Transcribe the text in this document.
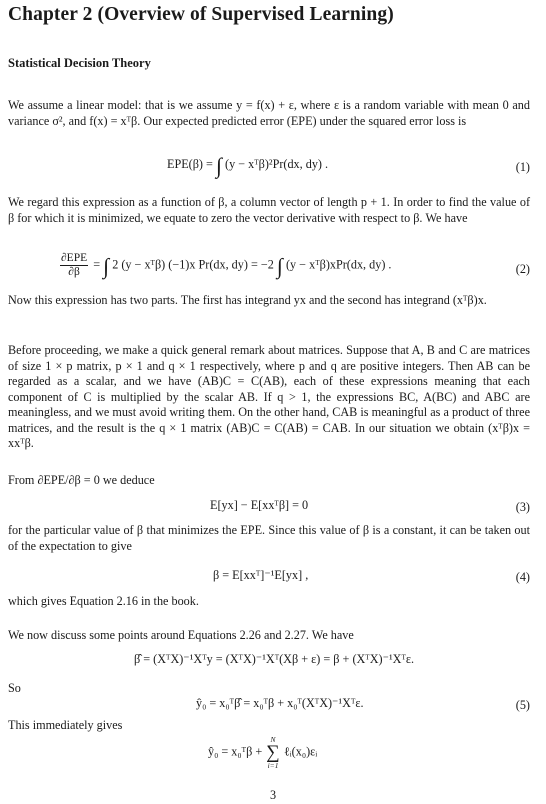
Chapter 2 (Overview of Supervised Learning)
Statistical Decision Theory
We assume a linear model: that is we assume y = f(x) + ε, where ε is a random variable with mean 0 and variance σ², and f(x) = xᵀβ. Our expected predicted error (EPE) under the squared error loss is
EPE(β) = ∫ (y − xᵀβ)²Pr(dx, dy) .	(1)
We regard this expression as a function of β, a column vector of length p + 1. In order to find the value of β for which it is minimized, we equate to zero the vector derivative with respect to β. We have
$\frac{\text{∂EPE}}{\partial\beta}$ = ∫ 2 (y − xᵀβ) (−1)x Pr(dx, dy) = −2 ∫ (y − xᵀβ)xPr(dx, dy) .	(2)
Now this expression has two parts. The first has integrand yx and the second has integrand (xᵀβ)x.
Before proceeding, we make a quick general remark about matrices. Suppose that A, B and C are matrices of size 1 × p matrix, p × 1 and q × 1 respectively, where p and q are positive integers. Then AB can be regarded as a scalar, and we have (AB)C = C(AB), each of these expressions meaning that each component of C is multiplied by the scalar AB. If q > 1, the expressions BC, A(BC) and ABC are meaningless, and we must avoid writing them. On the other hand, CAB is meaningful as a product of three matrices, and the result is the q × 1 matrix (AB)C = C(AB) = CAB. In our situation we obtain (xᵀβ)x = xxᵀβ.
From ∂EPE/∂β = 0 we deduce
E[yx] − E[xxᵀβ] = 0	(3)
for the particular value of β that minimizes the EPE. Since this value of β is a constant, it can be taken out of the expectation to give
β = E[xxᵀ]⁻¹E[yx] ,	(4)
which gives Equation 2.16 in the book.
We now discuss some points around Equations 2.26 and 2.27. We have
β̂ = (XᵀX)⁻¹Xᵀy = (XᵀX)⁻¹Xᵀ(Xβ + ε) = β + (XᵀX)⁻¹Xᵀε.
So
ŷ₀ = x₀ᵀβ̂ = x₀ᵀβ + x₀ᵀ(XᵀX)⁻¹Xᵀε.	(5)
This immediately gives
ŷ₀ = x₀ᵀβ +
N
∑
i=1
ℓᵢ(x₀)εᵢ
3
